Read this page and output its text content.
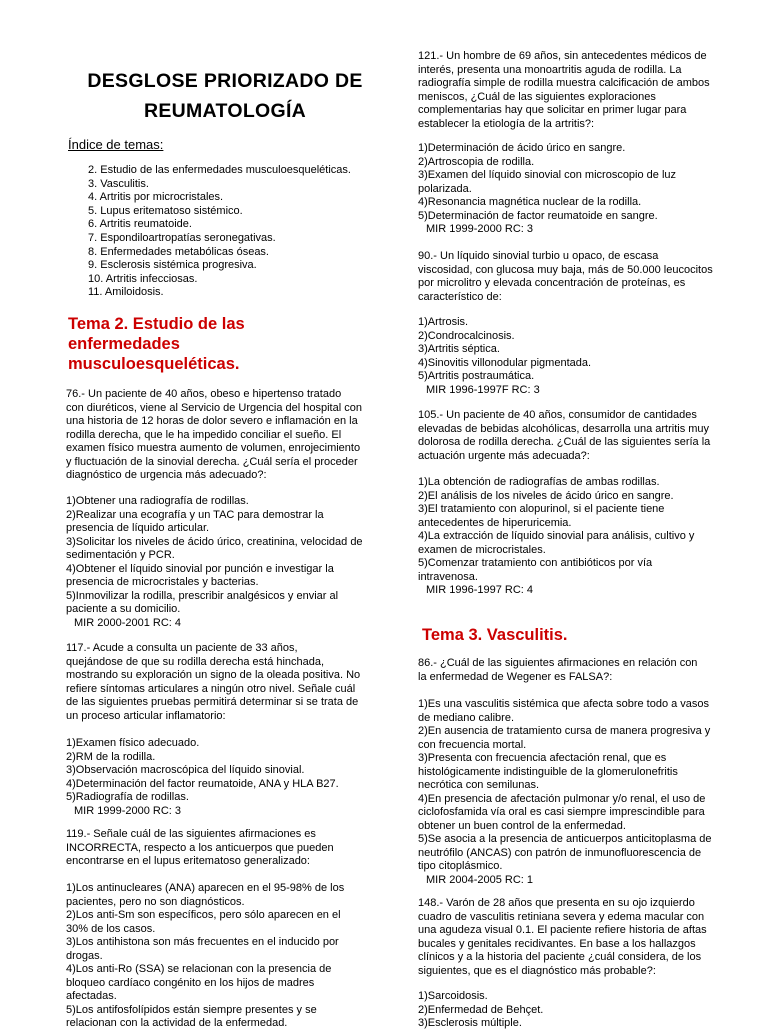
DESGLOSE PRIORIZADO DE
REUMATOLOGÍA
Índice de temas:
2. Estudio de las enfermedades musculoesqueléticas.
3. Vasculitis.
4. Artritis por microcristales.
5. Lupus eritematoso sistémico.
6. Artritis reumatoide.
7. Espondiloartropatías seronegativas.
8. Enfermedades metabólicas óseas.
9. Esclerosis sistémica progresiva.
10. Artritis infecciosas.
11. Amiloidosis.
Tema 2. Estudio de las
enfermedades
musculoesqueléticas.
76.- Un paciente de 40 años, obeso e hipertenso tratado
con diuréticos, viene al Servicio de Urgencia del hospital con
una historia de 12 horas de dolor severo e inflamación en la
rodilla derecha, que le ha impedido conciliar el sueño. El
examen físico muestra aumento de volumen, enrojecimiento
y fluctuación de la sinovial derecha. ¿Cuál sería el proceder
diagnóstico de urgencia más adecuado?:
1)Obtener una radiografía de rodillas.
2)Realizar una ecografía y un TAC para demostrar la
presencia de líquido articular.
3)Solicitar los niveles de ácido úrico, creatinina, velocidad de
sedimentación y PCR.
4)Obtener el líquido sinovial por punción e investigar la
presencia de microcristales y bacterias.
5)Inmovilizar la rodilla, prescribir analgésicos y enviar al
paciente a su domicilio.
MIR 2000-2001 RC: 4
117.- Acude a consulta un paciente de 33 años,
quejándose de que su rodilla derecha está hinchada,
mostrando su exploración un signo de la oleada positiva. No
refiere síntomas articulares a ningún otro nivel. Señale cuál
de las siguientes pruebas permitirá determinar si se trata de
un proceso articular inflamatorio:
1)Examen físico adecuado.
2)RM de la rodilla.
3)Observación macroscópica del líquido sinovial.
4)Determinación del factor reumatoide, ANA y HLA B27.
5)Radiografía de rodillas.
MIR 1999-2000 RC: 3
119.- Señale cuál de las siguientes afirmaciones es
INCORRECTA, respecto a los anticuerpos que pueden
encontrarse en el lupus eritematoso generalizado:
1)Los antinucleares (ANA) aparecen en el 95-98% de los
pacientes, pero no son diagnósticos.
2)Los anti-Sm son específicos, pero sólo aparecen en el
30% de los casos.
3)Los antihistona son más frecuentes en el inducido por
drogas.
4)Los anti-Ro (SSA) se relacionan con la presencia de
bloqueo cardíaco congénito en los hijos de madres
afectadas.
5)Los antifosfolípidos están siempre presentes y se
relacionan con la actividad de la enfermedad.
121.- Un hombre de 69 años, sin antecedentes médicos de
interés, presenta una monoartritis aguda de rodilla. La
radiografía simple de rodilla muestra calcificación de ambos
meniscos, ¿Cuál de las siguientes exploraciones
complementarias hay que solicitar en primer lugar para
establecer la etiología de la artritis?:
1)Determinación de ácido úrico en sangre.
2)Artroscopia de rodilla.
3)Examen del líquido sinovial con microscopio de luz
polarizada.
4)Resonancia magnética nuclear de la rodilla.
5)Determinación de factor reumatoide en sangre.
MIR 1999-2000 RC: 3
90.- Un líquido sinovial turbio u opaco, de escasa
viscosidad, con glucosa muy baja, más de 50.000 leucocitos
por microlitro y elevada concentración de proteínas, es
característico de:
1)Artrosis.
2)Condrocalcinosis.
3)Artritis séptica.
4)Sinovitis villonodular pigmentada.
5)Artritis postraumática.
MIR 1996-1997F RC: 3
105.- Un paciente de 40 años, consumidor de cantidades
elevadas de bebidas alcohólicas, desarrolla una artritis muy
dolorosa de rodilla derecha. ¿Cuál de las siguientes sería la
actuación urgente más adecuada?:
1)La obtención de radiografías de ambas rodillas.
2)El análisis de los niveles de ácido úrico en sangre.
3)El tratamiento con alopurinol, si el paciente tiene
antecedentes de hiperuricemia.
4)La extracción de líquido sinovial para análisis, cultivo y
examen de microcristales.
5)Comenzar tratamiento con antibióticos por vía
intravenosa.
MIR 1996-1997 RC: 4
Tema 3. Vasculitis.
86.- ¿Cuál de las siguientes afirmaciones en relación con
la enfermedad de Wegener es FALSA?:
1)Es una vasculitis sistémica que afecta sobre todo a vasos
de mediano calibre.
2)En ausencia de tratamiento cursa de manera progresiva y
con frecuencia mortal.
3)Presenta con frecuencia afectación renal, que es
histológicamente indistinguible de la glomerulonefritis
necrótica con semilunas.
4)En presencia de afectación pulmonar y/o renal, el uso de
ciclofosfamida vía oral es casi siempre imprescindible para
obtener un buen control de la enfermedad.
5)Se asocia a la presencia de anticuerpos anticitoplasma de
neutrófilo (ANCAS) con patrón de inmunofluorescencia de
tipo citoplásmico.
MIR 2004-2005 RC: 1
148.- Varón de 28 años que presenta en su ojo izquierdo
cuadro de vasculitis retiniana severa y edema macular con
una agudeza visual 0.1. El paciente refiere historia de aftas
bucales y genitales recidivantes. En base a los hallazgos
clínicos y a la historia del paciente ¿cuál considera, de los
siguientes, que es el diagnóstico más probable?:
1)Sarcoidosis.
2)Enfermedad de Behçet.
3)Esclerosis múltiple.
